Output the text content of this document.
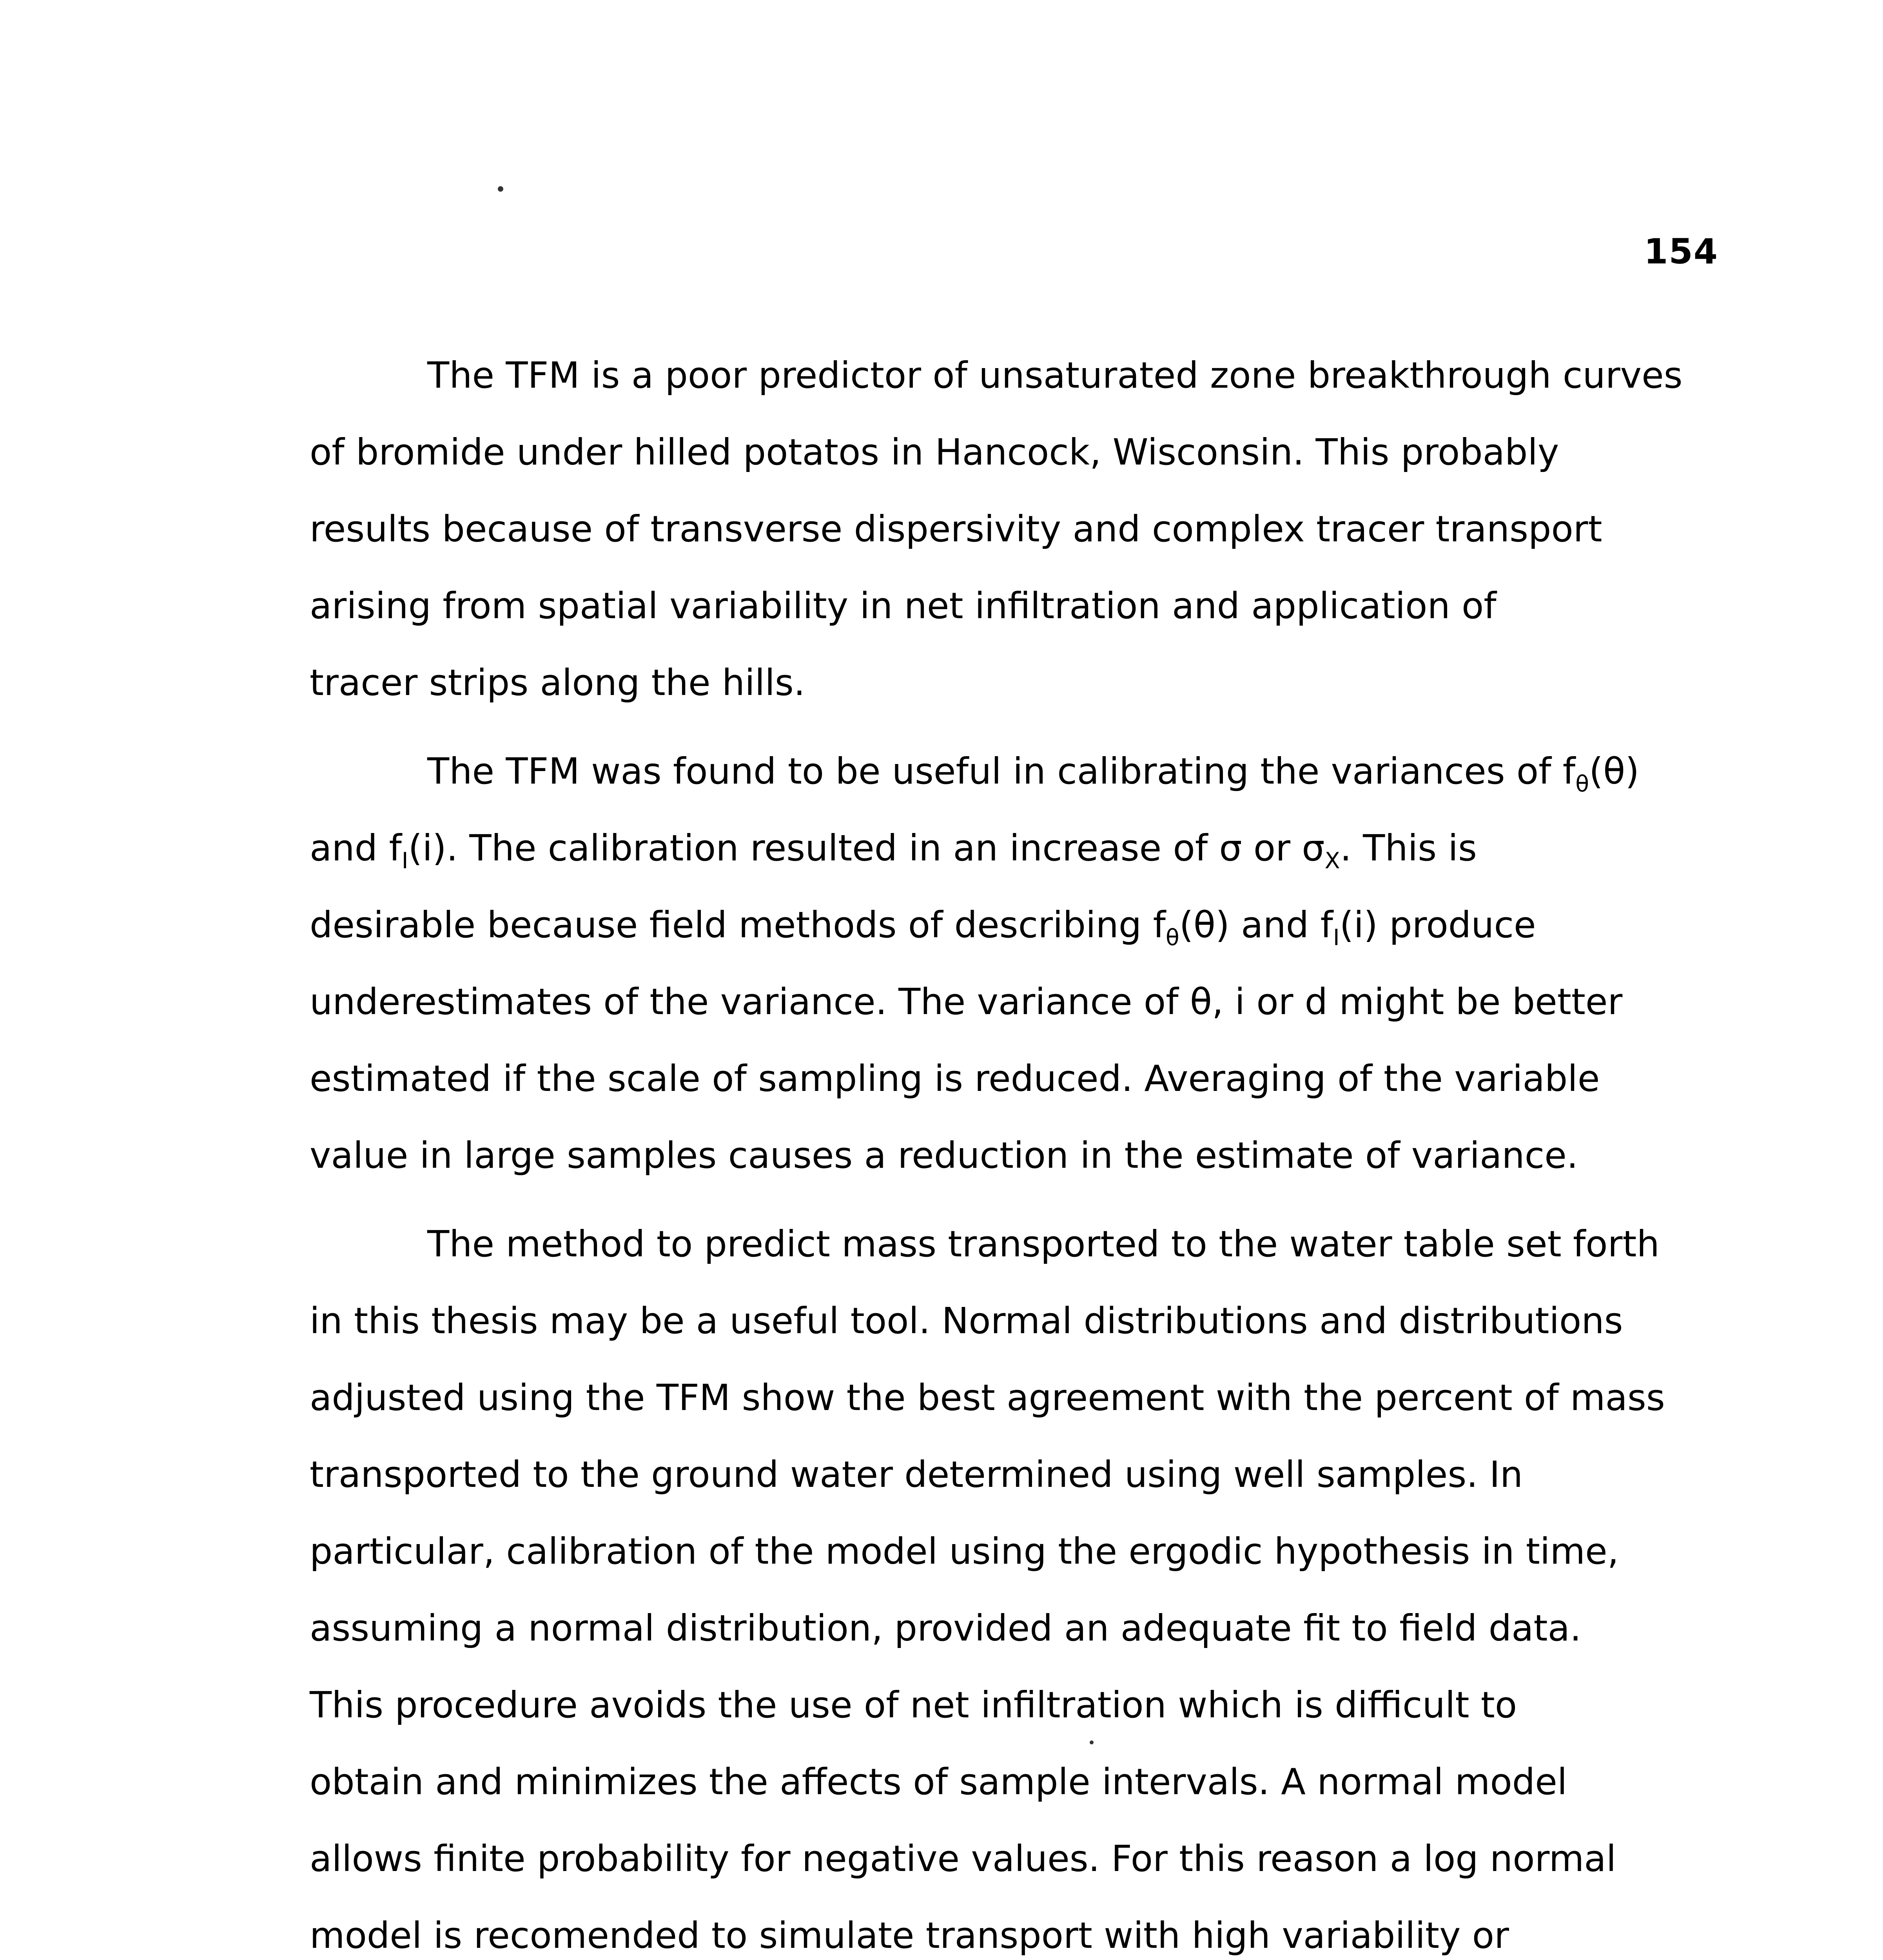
154

The TFM is a poor predictor of unsaturated zone breakthrough curves
of bromide under hilled potatos in Hancock, Wisconsin. This probably
results because of transverse dispersivity and complex tracer transport
arising from spatial variability in net infiltration and application of
tracer strips along the hills.

The TFM was found to be useful in calibrating the variances of $f_\theta(\theta)$
and $f_I(i)$. The calibration resulted in an increase of σ or $\sigma_X$. This is
desirable because field methods of describing $f_\theta(\theta)$ and $f_I(i)$ produce
underestimates of the variance. The variance of θ, i or d might be better
estimated if the scale of sampling is reduced. Averaging of the variable
value in large samples causes a reduction in the estimate of variance.

The method to predict mass transported to the water table set forth
in this thesis may be a useful tool. Normal distributions and distributions
adjusted using the TFM show the best agreement with the percent of mass
transported to the ground water determined using well samples. In
particular, calibration of the model using the ergodic hypothesis in time,
assuming a normal distribution, provided an adequate fit to field data.
This procedure avoids the use of net infiltration which is difficult to
obtain and minimizes the affects of sample intervals. A normal model
allows finite probability for negative values. For this reason a log normal
model is recomended to simulate transport with high variability or
